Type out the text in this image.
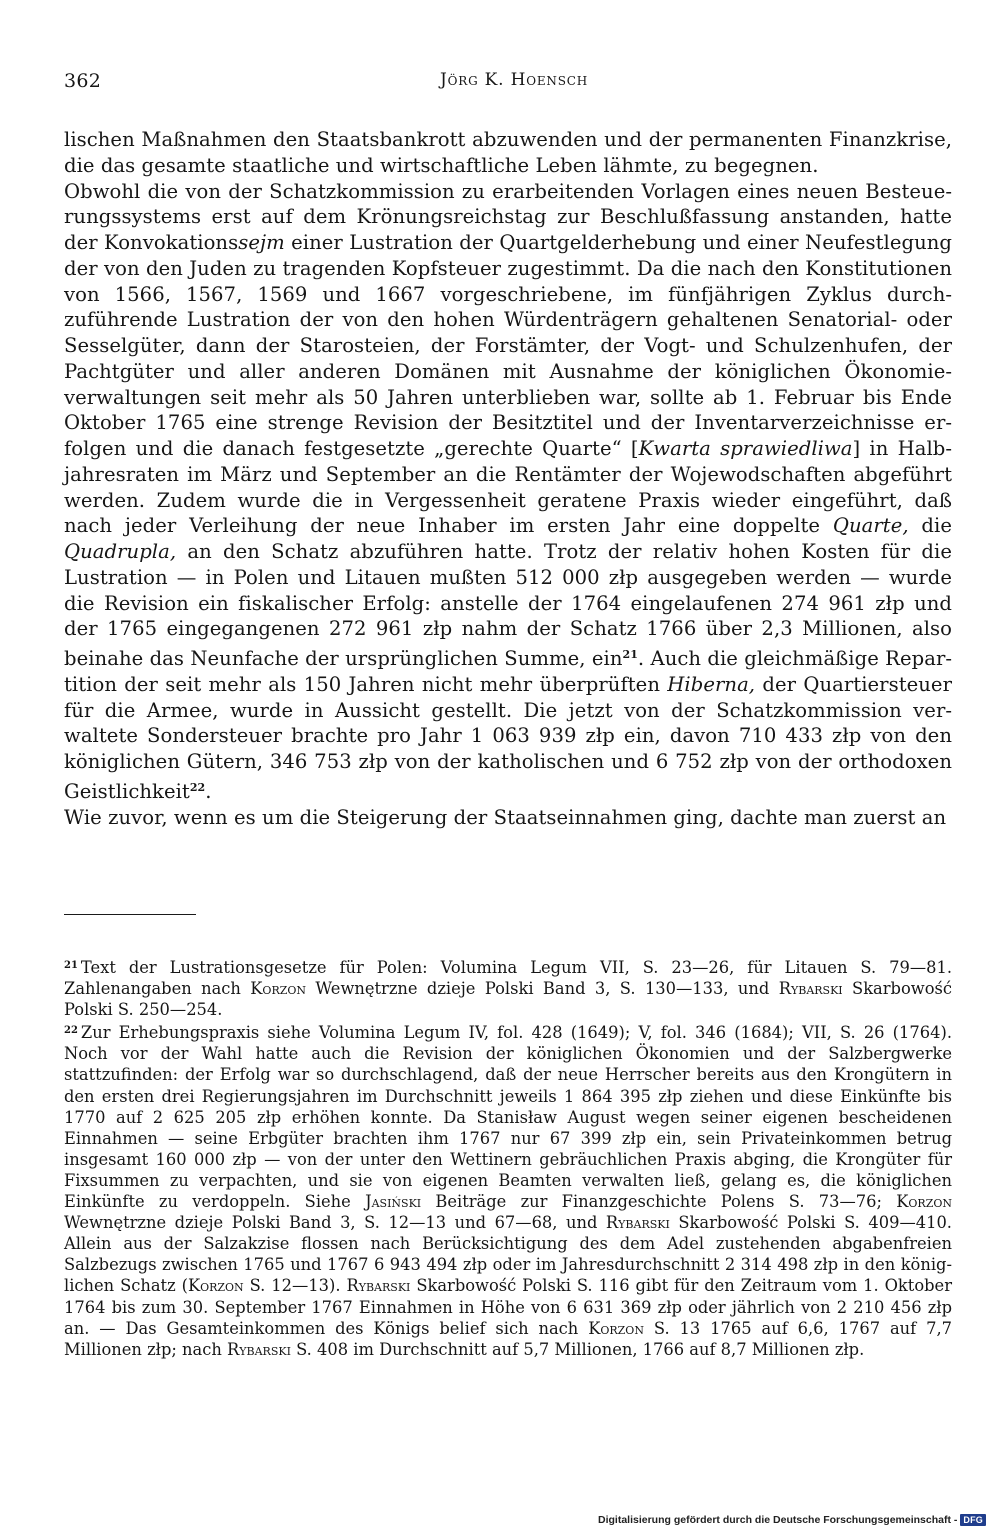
362	Jörg K. Hoensch

lischen Maßnahmen den Staatsbankrott abzuwenden und der permanenten Finanzkrise, die das gesamte staatliche und wirtschaftliche Leben lähmte, zu begegnen.

Obwohl die von der Schatzkommission zu erarbeitenden Vorlagen eines neuen Besteuerungssystems erst auf dem Krönungsreichstag zur Beschlußfassung anstanden, hatte der Konvokationssejm einer Lustration der Quartgelderhebung und einer Neufestlegung der von den Juden zu tragenden Kopfsteuer zugestimmt. Da die nach den Konstitutionen von 1566, 1567, 1569 und 1667 vorgeschriebene, im fünfjährigen Zyklus durchzuführende Lustration der von den hohen Würdenträgern gehaltenen Senatorial- oder Sesselgüter, dann der Starosteien, der Forstämter, der Vogt- und Schulzenhufen, der Pachtgüter und aller anderen Domänen mit Ausnahme der königlichen Ökonomieverwaltungen seit mehr als 50 Jahren unterblieben war, sollte ab 1. Februar bis Ende Oktober 1765 eine strenge Revision der Besitztitel und der Inventarverzeichnisse erfolgen und die danach festgesetzte „gerechte Quarte“ [Kwarta sprawiedliwa] in Halbjahresraten im März und September an die Rentämter der Wojewodschaften abgeführt werden. Zudem wurde die in Vergessenheit geratene Praxis wieder eingeführt, daß nach jeder Verleihung der neue Inhaber im ersten Jahr eine doppelte Quarte, die Quadrupla, an den Schatz abzuführen hatte. Trotz der relativ hohen Kosten für die Lustration — in Polen und Litauen mußten 512 000 złp ausgegeben werden — wurde die Revision ein fiskalischer Erfolg: anstelle der 1764 eingelaufenen 274 961 złp und der 1765 eingegangenen 272 961 złp nahm der Schatz 1766 über 2,3 Millionen, also beinahe das Neunfache der ursprünglichen Summe, ein$^{21}$. Auch die gleichmäßige Repartition der seit mehr als 150 Jahren nicht mehr überprüften Hiberna, der Quartiersteuer für die Armee, wurde in Aussicht gestellt. Die jetzt von der Schatzkommission verwaltete Sondersteuer brachte pro Jahr 1 063 939 złp ein, davon 710 433 złp von den königlichen Gütern, 346 753 złp von der katholischen und 6 752 złp von der orthodoxen Geistlichkeit$^{22}$.

Wie zuvor, wenn es um die Steigerung der Staatseinnahmen ging, dachte man zuerst an

$^{21}$ Text der Lustrationsgesetze für Polen: Volumina Legum VII, S. 23—26, für Litauen S. 79—81. Zahlenangaben nach Korzon Wewnętrzne dzieje Polski Band 3, S. 130—133, und Rybarski Skarbowość Polski S. 250—254.

$^{22}$ Zur Erhebungspraxis siehe Volumina Legum IV, fol. 428 (1649); V, fol. 346 (1684); VII, S. 26 (1764). Noch vor der Wahl hatte auch die Revision der königlichen Ökonomien und der Salzbergwerke stattzufinden: der Erfolg war so durchschlagend, daß der neue Herrscher bereits aus den Krongütern in den ersten drei Regierungsjahren im Durchschnitt jeweils 1 864 395 złp ziehen und diese Einkünfte bis 1770 auf 2 625 205 złp erhöhen konnte. Da Stanisław August wegen seiner eigenen bescheidenen Einnahmen — seine Erbgüter brachten ihm 1767 nur 67 399 złp ein, sein Privateinkommen betrug insgesamt 160 000 złp — von der unter den Wettinern gebräuchlichen Praxis abging, die Krongüter für Fixsummen zu verpachten, und sie von eigenen Beamten verwalten ließ, gelang es, die königlichen Einkünfte zu verdoppeln. Siehe Jasiński Beiträge zur Finanzgeschichte Polens S. 73—76; Korzon Wewnętrzne dzieje Polski Band 3, S. 12—13 und 67—68, und Rybarski Skarbowość Polski S. 409—410. Allein aus der Salzakzise flossen nach Berücksichtigung des dem Adel zustehenden abgabenfreien Salzbezugs zwischen 1765 und 1767 6 943 494 złp oder im Jahresdurchschnitt 2 314 498 złp in den königlichen Schatz (Korzon S. 12—13). Rybarski Skarbowość Polski S. 116 gibt für den Zeitraum vom 1. Oktober 1764 bis zum 30. September 1767 Einnahmen in Höhe von 6 631 369 złp oder jährlich von 2 210 456 złp an. — Das Gesamteinkommen des Königs belief sich nach Korzon S. 13 1765 auf 6,6, 1767 auf 7,7 Millionen złp; nach Rybarski S. 408 im Durchschnitt auf 5,7 Millionen, 1766 auf 8,7 Millionen złp.

Digitalisierung gefördert durch die Deutsche Forschungsgemeinschaft - DFG
